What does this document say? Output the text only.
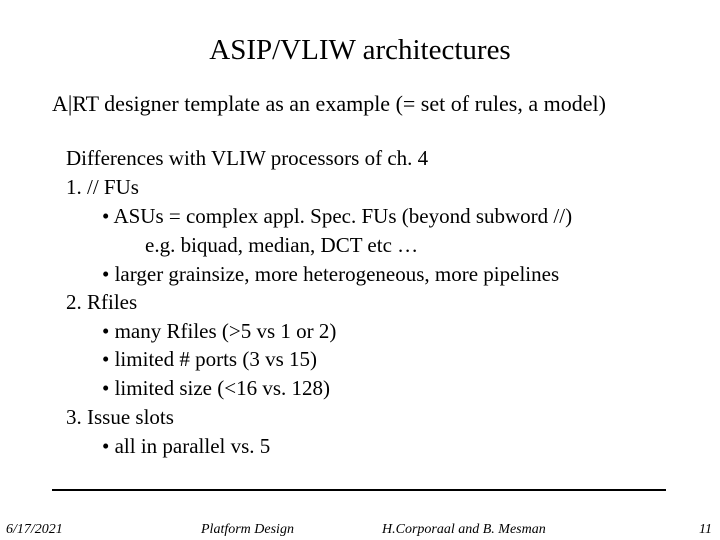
ASIP/VLIW architectures
A|RT designer template as an example (= set of rules, a model)
Differences with VLIW processors of ch. 4
1. // FUs
• ASUs = complex appl. Spec. FUs (beyond subword //)
e.g. biquad, median, DCT etc …
• larger grainsize, more heterogeneous, more pipelines
2. Rfiles
• many Rfiles (>5 vs 1 or 2)
• limited # ports (3 vs 15)
• limited size (<16 vs. 128)
3. Issue slots
• all in parallel vs. 5
6/17/2021	Platform Design	H.Corporaal and B. Mesman	11
